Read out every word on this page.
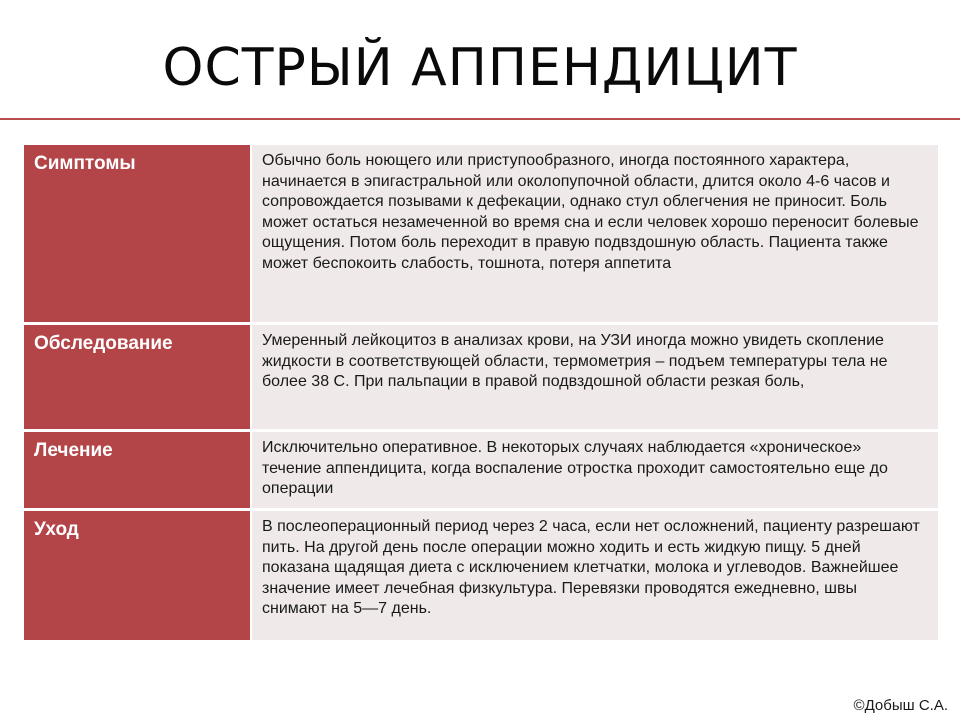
ОСТРЫЙ АППЕНДИЦИТ
Симптомы	Обычно боль ноющего или приступообразного, иногда постоянного характера, начинается в эпигастральной или околопупочной области, длится около 4-6 часов и сопровождается позывами к дефекации, однако стул облегчения не приносит. Боль может остаться незамеченной во время сна и если человек хорошо переносит болевые ощущения. Потом боль переходит в правую подвздошную область. Пациента также может беспокоить слабость, тошнота, потеря аппетита
Обследование	Умеренный лейкоцитоз в анализах крови, на УЗИ иногда можно увидеть скопление жидкости в соответствующей области, термометрия – подъем температуры тела не более 38 С. При пальпации в правой подвздошной области резкая боль,
Лечение	Исключительно оперативное. В некоторых случаях наблюдается «хроническое» течение аппендицита, когда воспаление отростка проходит самостоятельно еще до операции
Уход	В послеоперационный период через 2 часа, если нет осложнений, пациенту разрешают пить. На другой день после операции можно ходить и есть жидкую пищу. 5 дней показана щадящая диета с исключением клетчатки, молока и углеводов. Важнейшее значение имеет лечебная физкультура. Перевязки проводятся ежедневно, швы снимают на 5—7 день.
©Добыш С.А.
